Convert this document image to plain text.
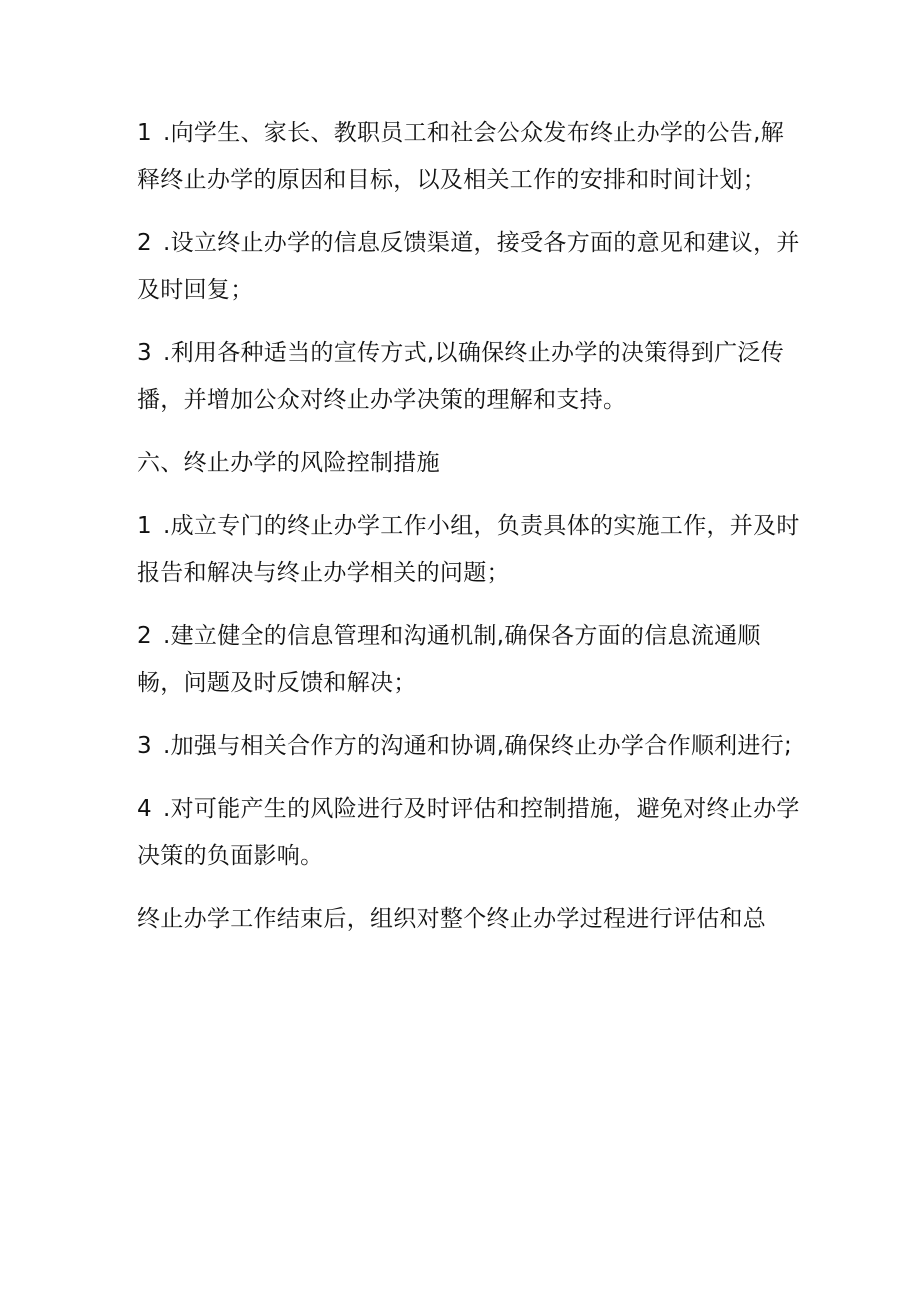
1 .向学生、家长、教职员工和社会公众发布终止办学的公告,解释终止办学的原因和目标，以及相关工作的安排和时间计划；

2 .设立终止办学的信息反馈渠道，接受各方面的意见和建议，并及时回复；

3 .利用各种适当的宣传方式,以确保终止办学的决策得到广泛传播，并增加公众对终止办学决策的理解和支持。

六、终止办学的风险控制措施

1 .成立专门的终止办学工作小组，负责具体的实施工作，并及时报告和解决与终止办学相关的问题；

2 .建立健全的信息管理和沟通机制,确保各方面的信息流通顺畅，问题及时反馈和解决；

3 .加强与相关合作方的沟通和协调,确保终止办学合作顺利进行;

4 .对可能产生的风险进行及时评估和控制措施，避免对终止办学决策的负面影响。

终止办学工作结束后，组织对整个终止办学过程进行评估和总
